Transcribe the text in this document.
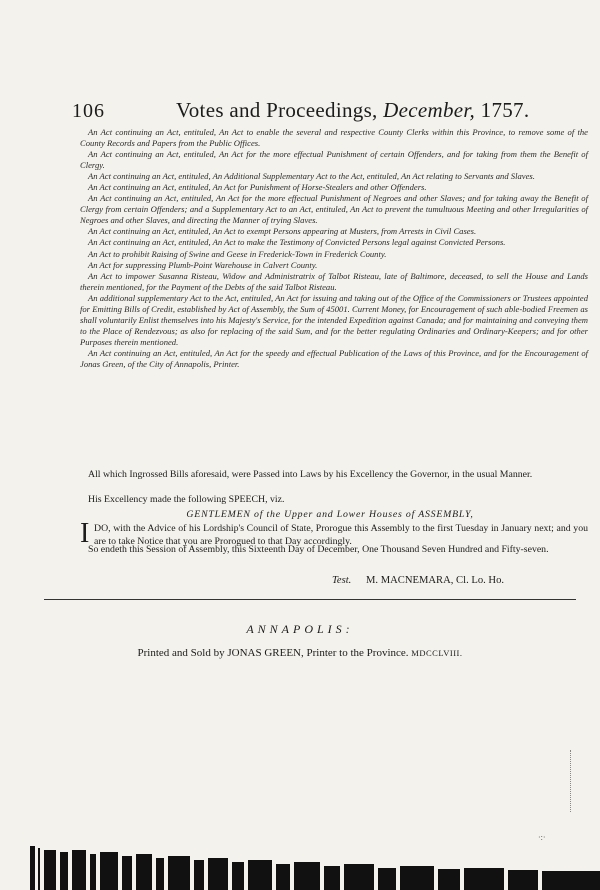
106	Votes and Proceedings, December, 1757.

An Act continuing an Act, entituled, An Act to enable the several and respective County Clerks within this Province, to remove some of the County Records and Papers from the Public Offices.

An Act continuing an Act, entituled, An Act for the more effectual Punishment of certain Offenders, and for taking from them the Benefit of Clergy.

An Act continuing an Act, entituled, An Additional Supplementary Act to the Act, entituled, An Act relating to Servants and Slaves.

An Act continuing an Act, entituled, An Act for Punishment of Horse-Stealers and other Offenders.

An Act continuing an Act, entituled, An Act for the more effectual Punishment of Negroes and other Slaves; and for taking away the Benefit of Clergy from certain Offenders; and a Supplementary Act to an Act, entituled, An Act to prevent the tumultuous Meeting and other Irregularities of Negroes and other Slaves, and directing the Manner of trying Slaves.

An Act continuing an Act, entituled, An Act to exempt Persons appearing at Musters, from Arrests in Civil Cases.

An Act continuing an Act, entituled, An Act to make the Testimony of Convicted Persons legal against Convicted Persons.

An Act to prohibit Raising of Swine and Geese in Frederick-Town in Frederick County.

An Act for suppressing Plumb-Point Warehouse in Calvert County.

An Act to impower Susanna Risteau, Widow and Administratrix of Talbot Risteau, late of Baltimore, deceased, to sell the House and Lands therein mentioned, for the Payment of the Debts of the said Talbot Risteau.

An additional supplementary Act to the Act, entituled, An Act for issuing and taking out of the Office of the Commissioners or Trustees appointed for Emitting Bills of Credit, established by Act of Assembly, the Sum of 45001. Current Money, for Encouragement of such able-bodied Freemen as shall voluntarily Enlist themselves into his Majesty's Service, for the intended Expedition against Canada; and for maintaining and conveying them to the Place of Rendezvous; as also for replacing of the said Sum, and for the better regulating Ordinaries and Ordinary-Keepers; and for other Purposes therein mentioned.

An Act continuing an Act, entituled, An Act for the speedy and effectual Publication of the Laws of this Province, and for the Encouragement of Jonas Green, of the City of Annapolis, Printer.

All which Ingrossed Bills aforesaid, were Passed into Laws by his Excellency the Governor, in the usual Manner.

His Excellency made the following SPEECH, viz.

GENTLEMEN of the Upper and Lower Houses of ASSEMBLY,
I DO, with the Advice of his Lordship's Council of State, Prorogue this Assembly to the first Tuesday in January next; and you are to take Notice that you are Prorogued to that Day accordingly.

So endeth this Session of Assembly, this Sixteenth Day of December, One Thousand Seven Hundred and Fifty-seven.

Test. M. MACNEMARA, Cl. Lo. Ho.
ANNAPOLIS:
Printed and Sold by JONAS GREEN, Printer to the Province. MDCCLVIII.
·:·
